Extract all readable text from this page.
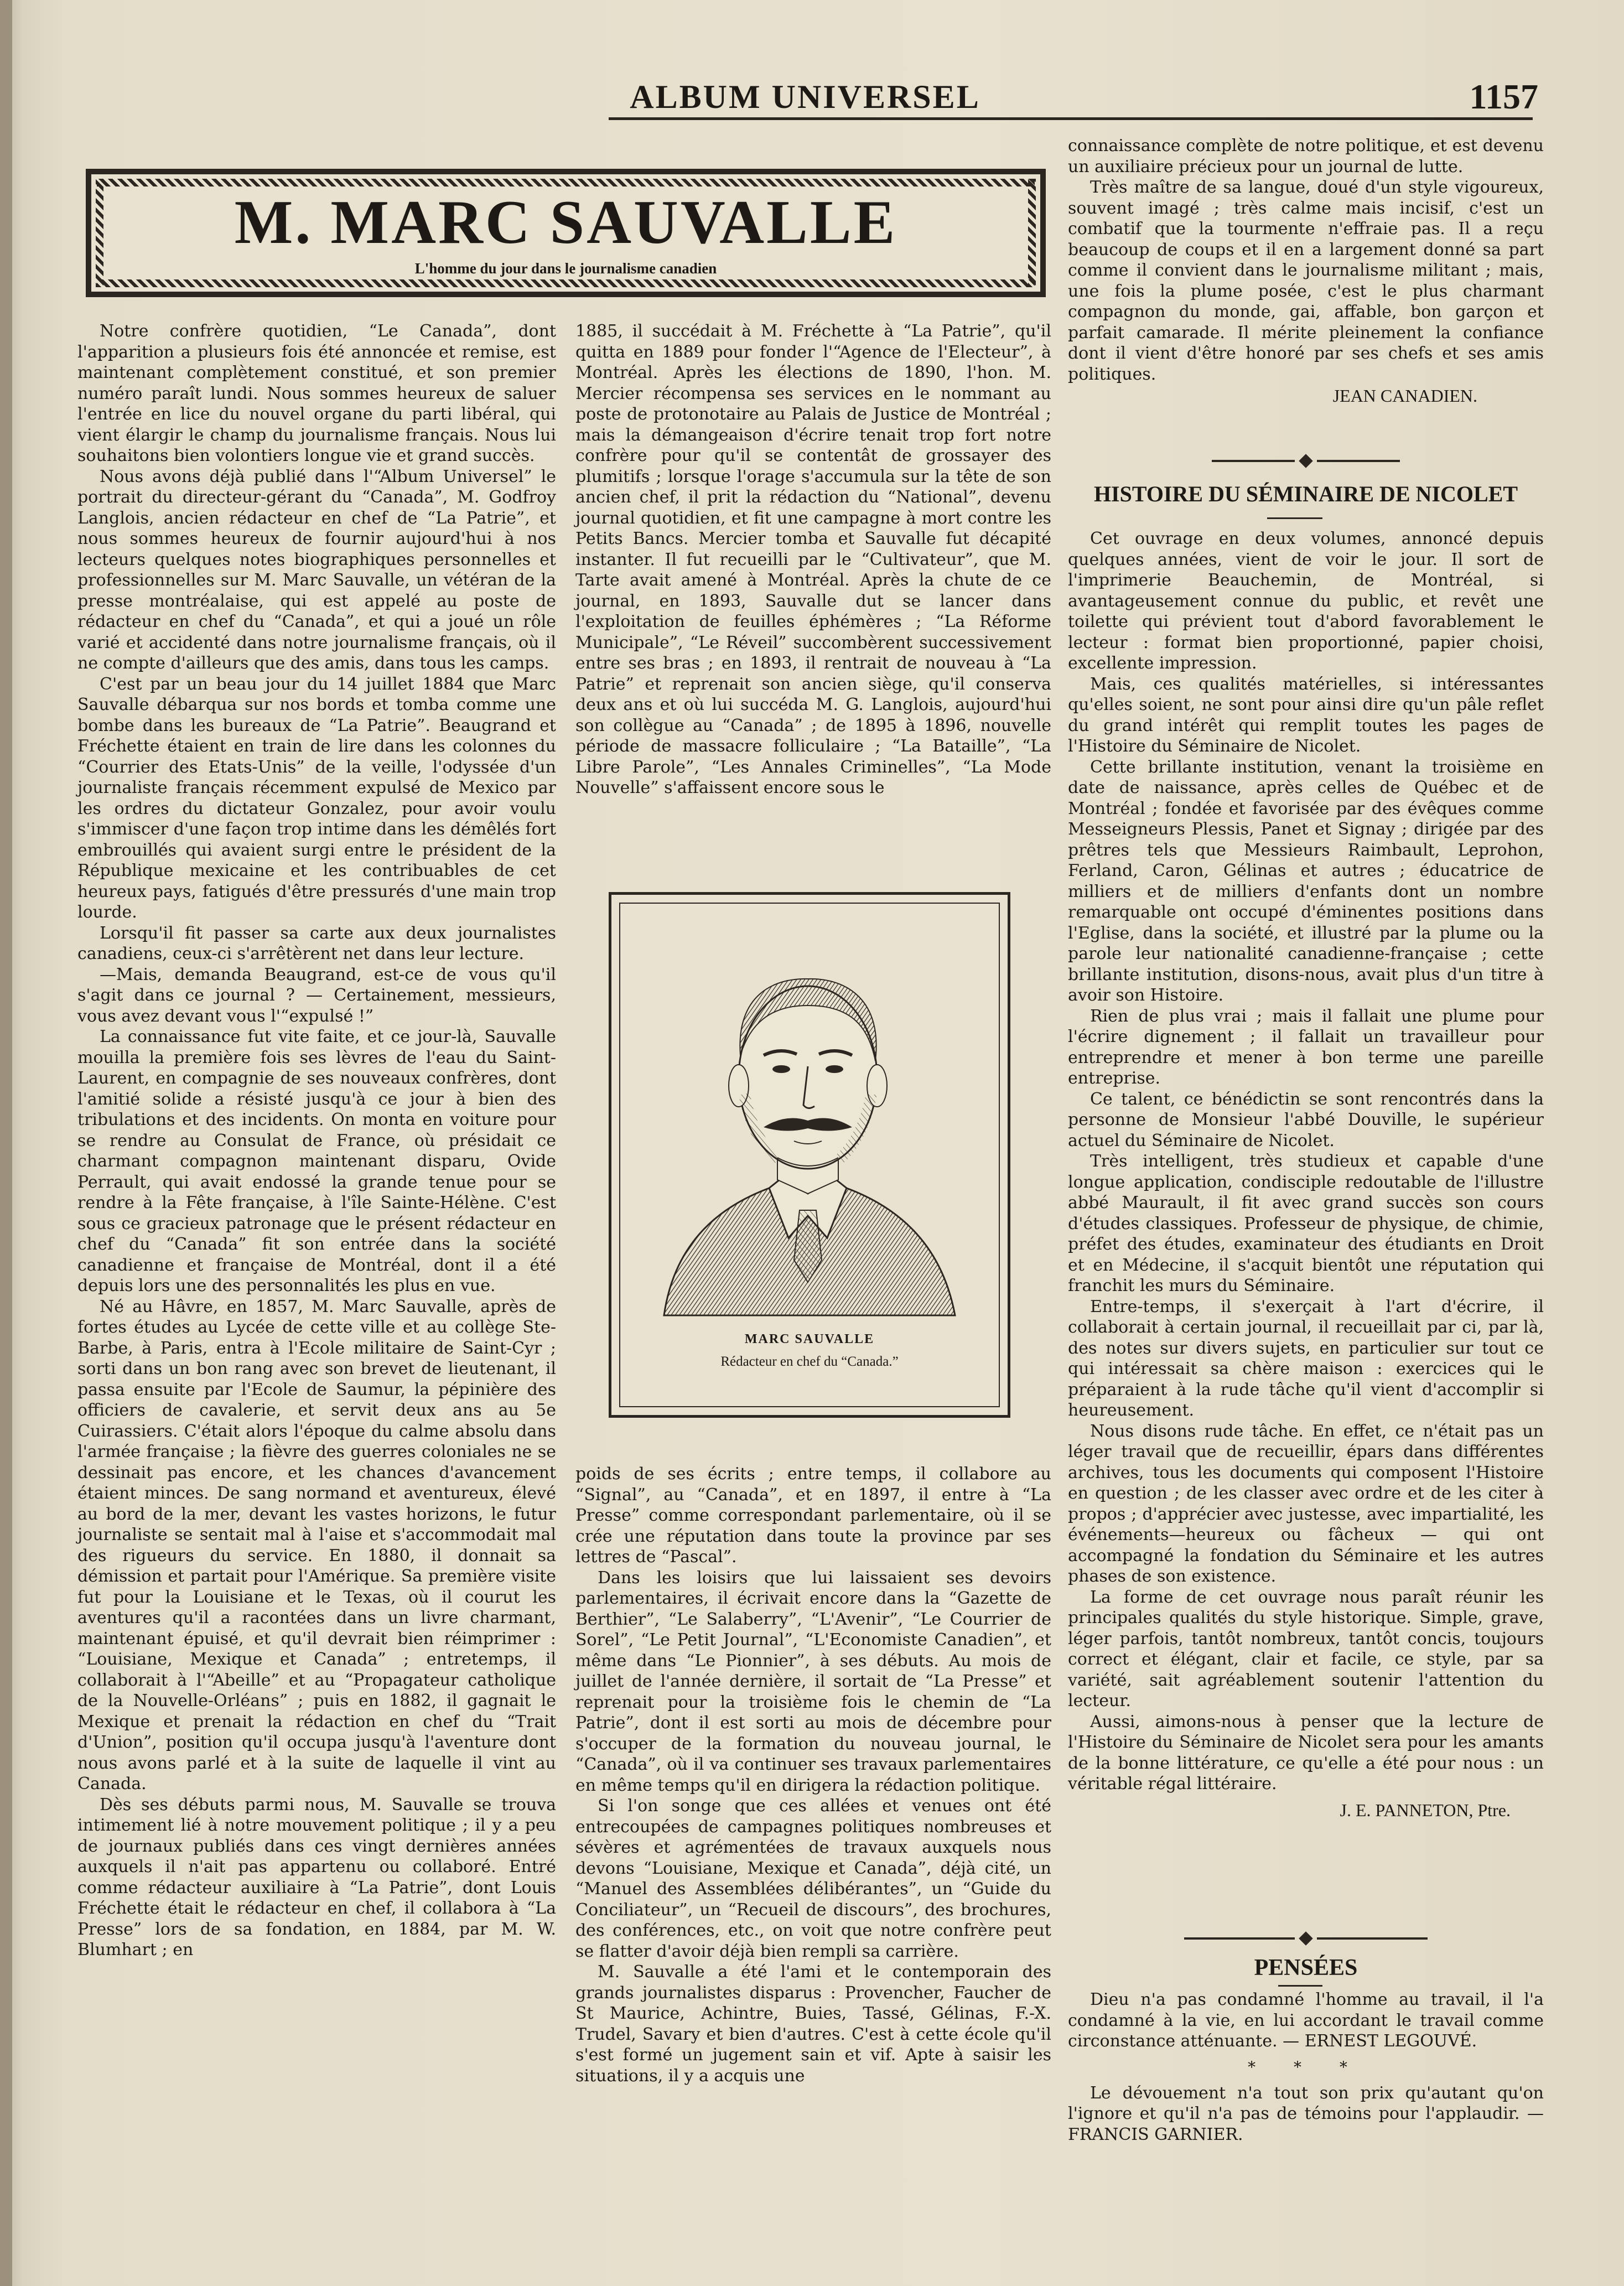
ALBUM UNIVERSEL	1157
M. MARC SAUVALLE
L'homme du jour dans le journalisme canadien

Notre confrère quotidien, “Le Canada”, dont l'apparition a plusieurs fois été annoncée et remise, est maintenant complètement constitué, et son premier numéro paraît lundi. Nous sommes heureux de saluer l'entrée en lice du nouvel organe du parti libéral, qui vient élargir le champ du journalisme français. Nous lui souhaitons bien volontiers longue vie et grand succès.

Nous avons déjà publié dans l'“Album Universel” le portrait du directeur-gérant du “Canada”, M. Godfroy Langlois, ancien rédacteur en chef de “La Patrie”, et nous sommes heureux de fournir aujourd'hui à nos lecteurs quelques notes biographiques personnelles et professionnelles sur M. Marc Sauvalle, un vétéran de la presse montréalaise, qui est appelé au poste de rédacteur en chef du “Canada”, et qui a joué un rôle varié et accidenté dans notre journalisme français, où il ne compte d'ailleurs que des amis, dans tous les camps.

C'est par un beau jour du 14 juillet 1884 que Marc Sauvalle débarqua sur nos bords et tomba comme une bombe dans les bureaux de “La Patrie”. Beaugrand et Fréchette étaient en train de lire dans les colonnes du “Courrier des Etats-Unis” de la veille, l'odyssée d'un journaliste français récemment expulsé de Mexico par les ordres du dictateur Gonzalez, pour avoir voulu s'immiscer d'une façon trop intime dans les démêlés fort embrouillés qui avaient surgi entre le président de la République mexicaine et les contribuables de cet heureux pays, fatigués d'être pressurés d'une main trop lourde.

Lorsqu'il fit passer sa carte aux deux journalistes canadiens, ceux-ci s'arrêtèrent net dans leur lecture.

—Mais, demanda Beaugrand, est-ce de vous qu'il s'agit dans ce journal ? — Certainement, messieurs, vous avez devant vous l'“expulsé !”

La connaissance fut vite faite, et ce jour-là, Sauvalle mouilla la première fois ses lèvres de l'eau du Saint-Laurent, en compagnie de ses nouveaux confrères, dont l'amitié solide a résisté jusqu'à ce jour à bien des tribulations et des incidents. On monta en voiture pour se rendre au Consulat de France, où présidait ce charmant compagnon maintenant disparu, Ovide Perrault, qui avait endossé la grande tenue pour se rendre à la Fête française, à l'île Sainte-Hélène. C'est sous ce gracieux patronage que le présent rédacteur en chef du “Canada” fit son entrée dans la société canadienne et française de Montréal, dont il a été depuis lors une des personnalités les plus en vue.

Né au Hâvre, en 1857, M. Marc Sauvalle, après de fortes études au Lycée de cette ville et au collège Ste-Barbe, à Paris, entra à l'Ecole militaire de Saint-Cyr ; sorti dans un bon rang avec son brevet de lieutenant, il passa ensuite par l'Ecole de Saumur, la pépinière des officiers de cavalerie, et servit deux ans au 5e Cuirassiers. C'était alors l'époque du calme absolu dans l'armée française ; la fièvre des guerres coloniales ne se dessinait pas encore, et les chances d'avancement étaient minces. De sang normand et aventureux, élevé au bord de la mer, devant les vastes horizons, le futur journaliste se sentait mal à l'aise et s'accommodait mal des rigueurs du service. En 1880, il donnait sa démission et partait pour l'Amérique. Sa première visite fut pour la Louisiane et le Texas, où il courut les aventures qu'il a racontées dans un livre charmant, maintenant épuisé, et qu'il devrait bien réimprimer : “Louisiane, Mexique et Canada” ; entretemps, il collaborait à l'“Abeille” et au “Propagateur catholique de la Nouvelle-Orléans” ; puis en 1882, il gagnait le Mexique et prenait la rédaction en chef du “Trait d'Union”, position qu'il occupa jusqu'à l'aventure dont nous avons parlé et à la suite de laquelle il vint au Canada.

Dès ses débuts parmi nous, M. Sauvalle se trouva intimement lié à notre mouvement politique ; il y a peu de journaux publiés dans ces vingt dernières années auxquels il n'ait pas appartenu ou collaboré. Entré comme rédacteur auxiliaire à “La Patrie”, dont Louis Fréchette était le rédacteur en chef, il collabora à “La Presse” lors de sa fondation, en 1884, par M. W. Blumhart ; en

1885, il succédait à M. Fréchette à “La Patrie”, qu'il quitta en 1889 pour fonder l'“Agence de l'Electeur”, à Montréal. Après les élections de 1890, l'hon. M. Mercier récompensa ses services en le nommant au poste de protonotaire au Palais de Justice de Montréal ; mais la démangeaison d'écrire tenait trop fort notre confrère pour qu'il se contentât de grossayer des plumitifs ; lorsque l'orage s'accumula sur la tête de son ancien chef, il prit la rédaction du “National”, devenu journal quotidien, et fit une campagne à mort contre les Petits Bancs. Mercier tomba et Sauvalle fut décapité instanter. Il fut recueilli par le “Cultivateur”, que M. Tarte avait amené à Montréal. Après la chute de ce journal, en 1893, Sauvalle dut se lancer dans l'exploitation de feuilles éphémères ; “La Réforme Municipale”, “Le Réveil” succombèrent successivement entre ses bras ; en 1893, il rentrait de nouveau à “La Patrie” et reprenait son ancien siège, qu'il conserva deux ans et où lui succéda M. G. Langlois, aujourd'hui son collègue au “Canada” ; de 1895 à 1896, nouvelle période de massacre folliculaire ; “La Bataille”, “La Libre Parole”, “Les Annales Criminelles”, “La Mode Nouvelle” s'affaissent encore sous le

MARC SAUVALLE
Rédacteur en chef du “Canada.”

poids de ses écrits ; entre temps, il collabore au “Signal”, au “Canada”, et en 1897, il entre à “La Presse” comme correspondant parlementaire, où il se crée une réputation dans toute la province par ses lettres de “Pascal”.

Dans les loisirs que lui laissaient ses devoirs parlementaires, il écrivait encore dans la “Gazette de Berthier”, “Le Salaberry”, “L'Avenir”, “Le Courrier de Sorel”, “Le Petit Journal”, “L'Economiste Canadien”, et même dans “Le Pionnier”, à ses débuts. Au mois de juillet de l'année dernière, il sortait de “La Presse” et reprenait pour la troisième fois le chemin de “La Patrie”, dont il est sorti au mois de décembre pour s'occuper de la formation du nouveau journal, le “Canada”, où il va continuer ses travaux parlementaires en même temps qu'il en dirigera la rédaction politique.

Si l'on songe que ces allées et venues ont été entrecoupées de campagnes politiques nombreuses et sévères et agrémentées de travaux auxquels nous devons “Louisiane, Mexique et Canada”, déjà cité, un “Manuel des Assemblées délibérantes”, un “Guide du Conciliateur”, un “Recueil de discours”, des brochures, des conférences, etc., on voit que notre confrère peut se flatter d'avoir déjà bien rempli sa carrière.

M. Sauvalle a été l'ami et le contemporain des grands journalistes disparus : Provencher, Faucher de St Maurice, Achintre, Buies, Tassé, Gélinas, F.-X. Trudel, Savary et bien d'autres. C'est à cette école qu'il s'est formé un jugement sain et vif. Apte à saisir les situations, il y a acquis une

connaissance complète de notre politique, et est devenu un auxiliaire précieux pour un journal de lutte.

Très maître de sa langue, doué d'un style vigoureux, souvent imagé ; très calme mais incisif, c'est un combatif que la tourmente n'effraie pas. Il a reçu beaucoup de coups et il en a largement donné sa part comme il convient dans le journalisme militant ; mais, une fois la plume posée, c'est le plus charmant compagnon du monde, gai, affable, bon garçon et parfait camarade. Il mérite pleinement la confiance dont il vient d'être honoré par ses chefs et ses amis politiques.

JEAN CANADIEN.
HISTOIRE DU SÉMINAIRE DE NICOLET

Cet ouvrage en deux volumes, annoncé depuis quelques années, vient de voir le jour. Il sort de l'imprimerie Beauchemin, de Montréal, si avantageusement connue du public, et revêt une toilette qui prévient tout d'abord favorablement le lecteur : format bien proportionné, papier choisi, excellente impression.

Mais, ces qualités matérielles, si intéressantes qu'elles soient, ne sont pour ainsi dire qu'un pâle reflet du grand intérêt qui remplit toutes les pages de l'Histoire du Séminaire de Nicolet.

Cette brillante institution, venant la troisième en date de naissance, après celles de Québec et de Montréal ; fondée et favorisée par des évêques comme Messeigneurs Plessis, Panet et Signay ; dirigée par des prêtres tels que Messieurs Raimbault, Leprohon, Ferland, Caron, Gélinas et autres ; éducatrice de milliers et de milliers d'enfants dont un nombre remarquable ont occupé d'éminentes positions dans l'Eglise, dans la société, et illustré par la plume ou la parole leur nationalité canadienne-française ; cette brillante institution, disons-nous, avait plus d'un titre à avoir son Histoire.

Rien de plus vrai ; mais il fallait une plume pour l'écrire dignement ; il fallait un travailleur pour entreprendre et mener à bon terme une pareille entreprise.

Ce talent, ce bénédictin se sont rencontrés dans la personne de Monsieur l'abbé Douville, le supérieur actuel du Séminaire de Nicolet.

Très intelligent, très studieux et capable d'une longue application, condisciple redoutable de l'illustre abbé Maurault, il fit avec grand succès son cours d'études classiques. Professeur de physique, de chimie, préfet des études, examinateur des étudiants en Droit et en Médecine, il s'acquit bientôt une réputation qui franchit les murs du Séminaire.

Entre-temps, il s'exerçait à l'art d'écrire, il collaborait à certain journal, il recueillait par ci, par là, des notes sur divers sujets, en particulier sur tout ce qui intéressait sa chère maison : exercices qui le préparaient à la rude tâche qu'il vient d'accomplir si heureusement.

Nous disons rude tâche. En effet, ce n'était pas un léger travail que de recueillir, épars dans différentes archives, tous les documents qui composent l'Histoire en question ; de les classer avec ordre et de les citer à propos ; d'apprécier avec justesse, avec impartialité, les événements—heureux ou fâcheux — qui ont accompagné la fondation du Séminaire et les autres phases de son existence.

La forme de cet ouvrage nous paraît réunir les principales qualités du style historique. Simple, grave, léger parfois, tantôt nombreux, tantôt concis, toujours correct et élégant, clair et facile, ce style, par sa variété, sait agréablement soutenir l'attention du lecteur.

Aussi, aimons-nous à penser que la lecture de l'Histoire du Séminaire de Nicolet sera pour les amants de la bonne littérature, ce qu'elle a été pour nous : un véritable régal littéraire.

J. E. PANNETON, Ptre.
PENSÉES

Dieu n'a pas condamné l'homme au travail, il l'a condamné à la vie, en lui accordant le travail comme circonstance atténuante. — ERNEST LEGOUVÉ.

* * *

Le dévouement n'a tout son prix qu'autant qu'on l'ignore et qu'il n'a pas de témoins pour l'applaudir. — FRANCIS GARNIER.
